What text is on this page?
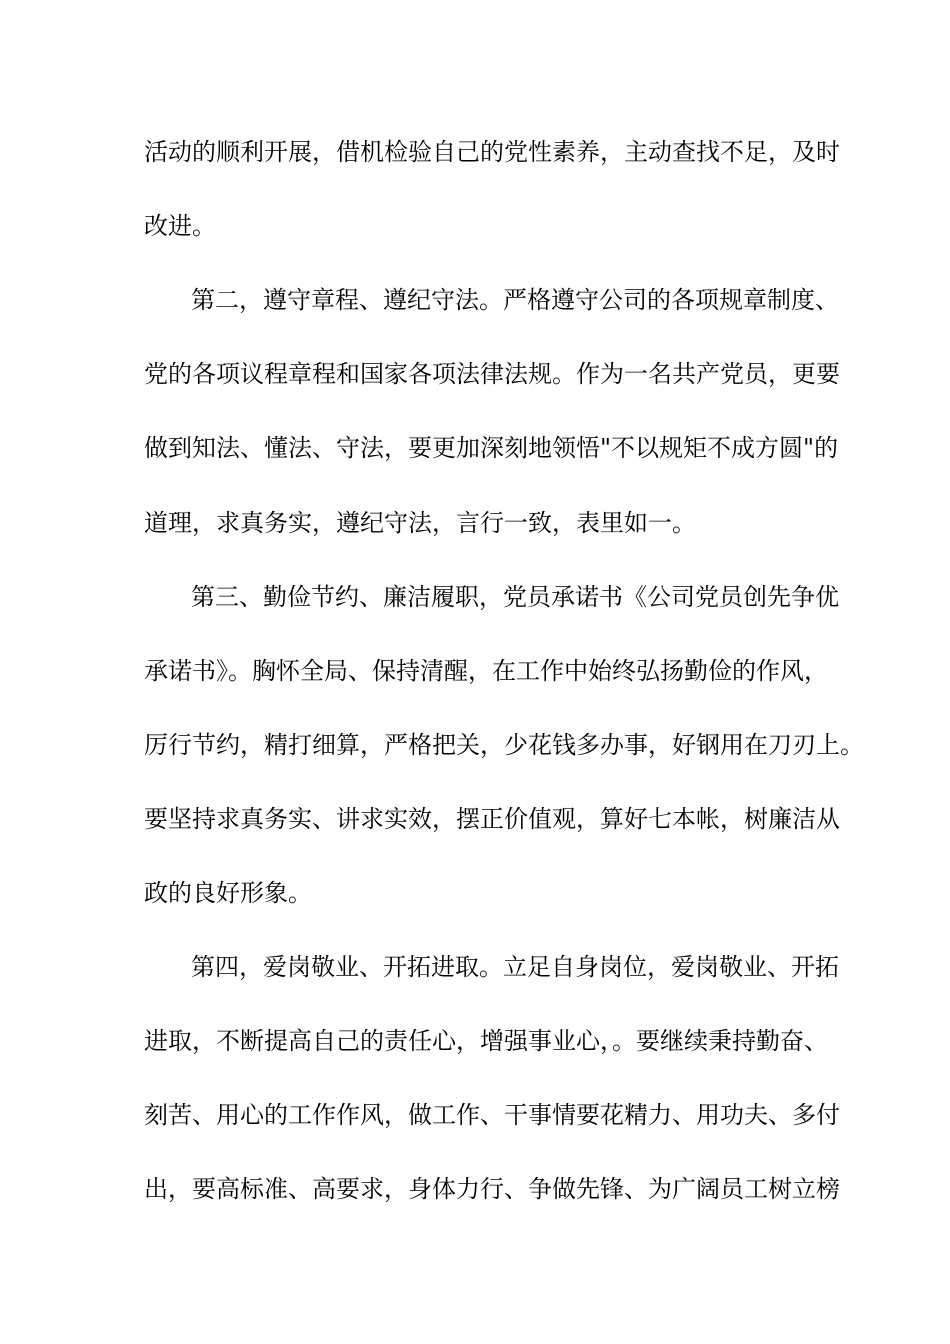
活动的顺利开展，借机检验自己的党性素养，主动查找不足，及时
改进。
第二，遵守章程、遵纪守法。严格遵守公司的各项规章制度、
党的各项议程章程和国家各项法律法规。作为一名共产党员，更要
做到知法、懂法、守法，要更加深刻地领悟"不以规矩不成方圆"的
道理，求真务实，遵纪守法，言行一致，表里如一。
第三、勤俭节约、廉洁履职，党员承诺书《公司党员创先争优
承诺书》。胸怀全局、保持清醒，在工作中始终弘扬勤俭的作风，
厉行节约，精打细算，严格把关，少花钱多办事，好钢用在刀刃上。
要坚持求真务实、讲求实效，摆正价值观，算好七本帐，树廉洁从
政的良好形象。
第四，爱岗敬业、开拓进取。立足自身岗位，爱岗敬业、开拓
进取，不断提高自己的责任心，增强事业心，。要继续秉持勤奋、
刻苦、用心的工作作风，做工作、干事情要花精力、用功夫、多付
出，要高标准、高要求，身体力行、争做先锋、为广阔员工树立榜
